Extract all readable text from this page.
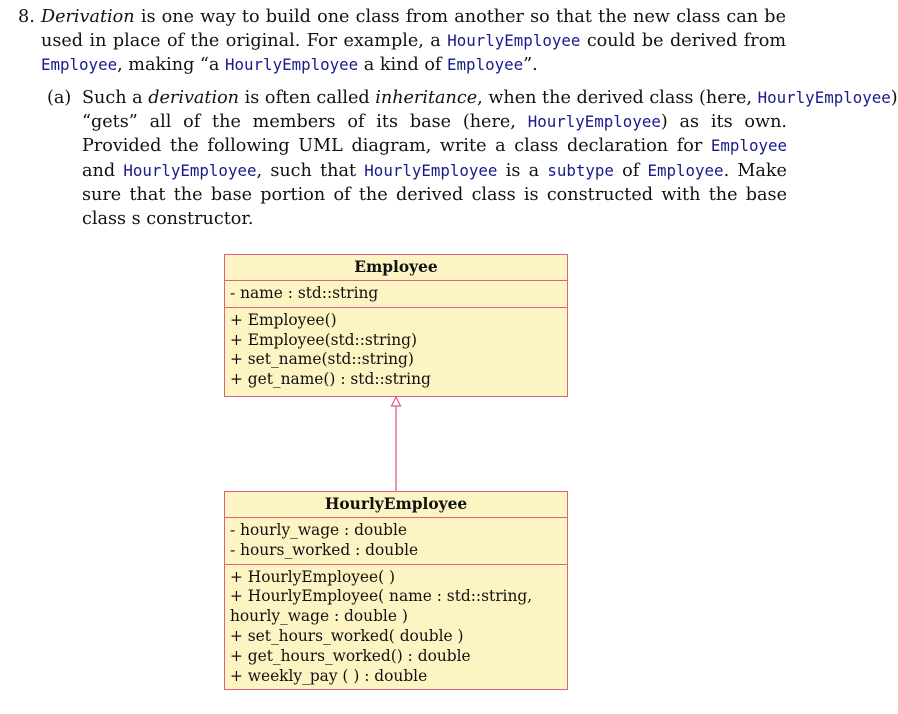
8. Derivation is one way to build one class from another so that the new class can be used in place of the original. For example, a HourlyEmployee could be derived from Employee, making “a HourlyEmployee a kind of Employee”.
(a) Such a derivation is often called inheritance, when the derived class (here, HourlyEmployee) “gets” all of the members of its base (here, HourlyEmployee) as its own. Provided the following UML diagram, write a class declaration for Employee and HourlyEmployee, such that HourlyEmployee is a subtype of Employee. Make sure that the base portion of the derived class is constructed with the base class s constructor.
Employee
- name : std::string
+ Employee()
+ Employee(std::string)
+ set_name(std::string)
+ get_name() : std::string
HourlyEmployee
- hourly_wage : double
- hours_worked : double
+ HourlyEmployee( )
+ HourlyEmployee( name : std::string,
hourly_wage : double )
+ set_hours_worked( double )
+ get_hours_worked() : double
+ weekly_pay ( ) : double
